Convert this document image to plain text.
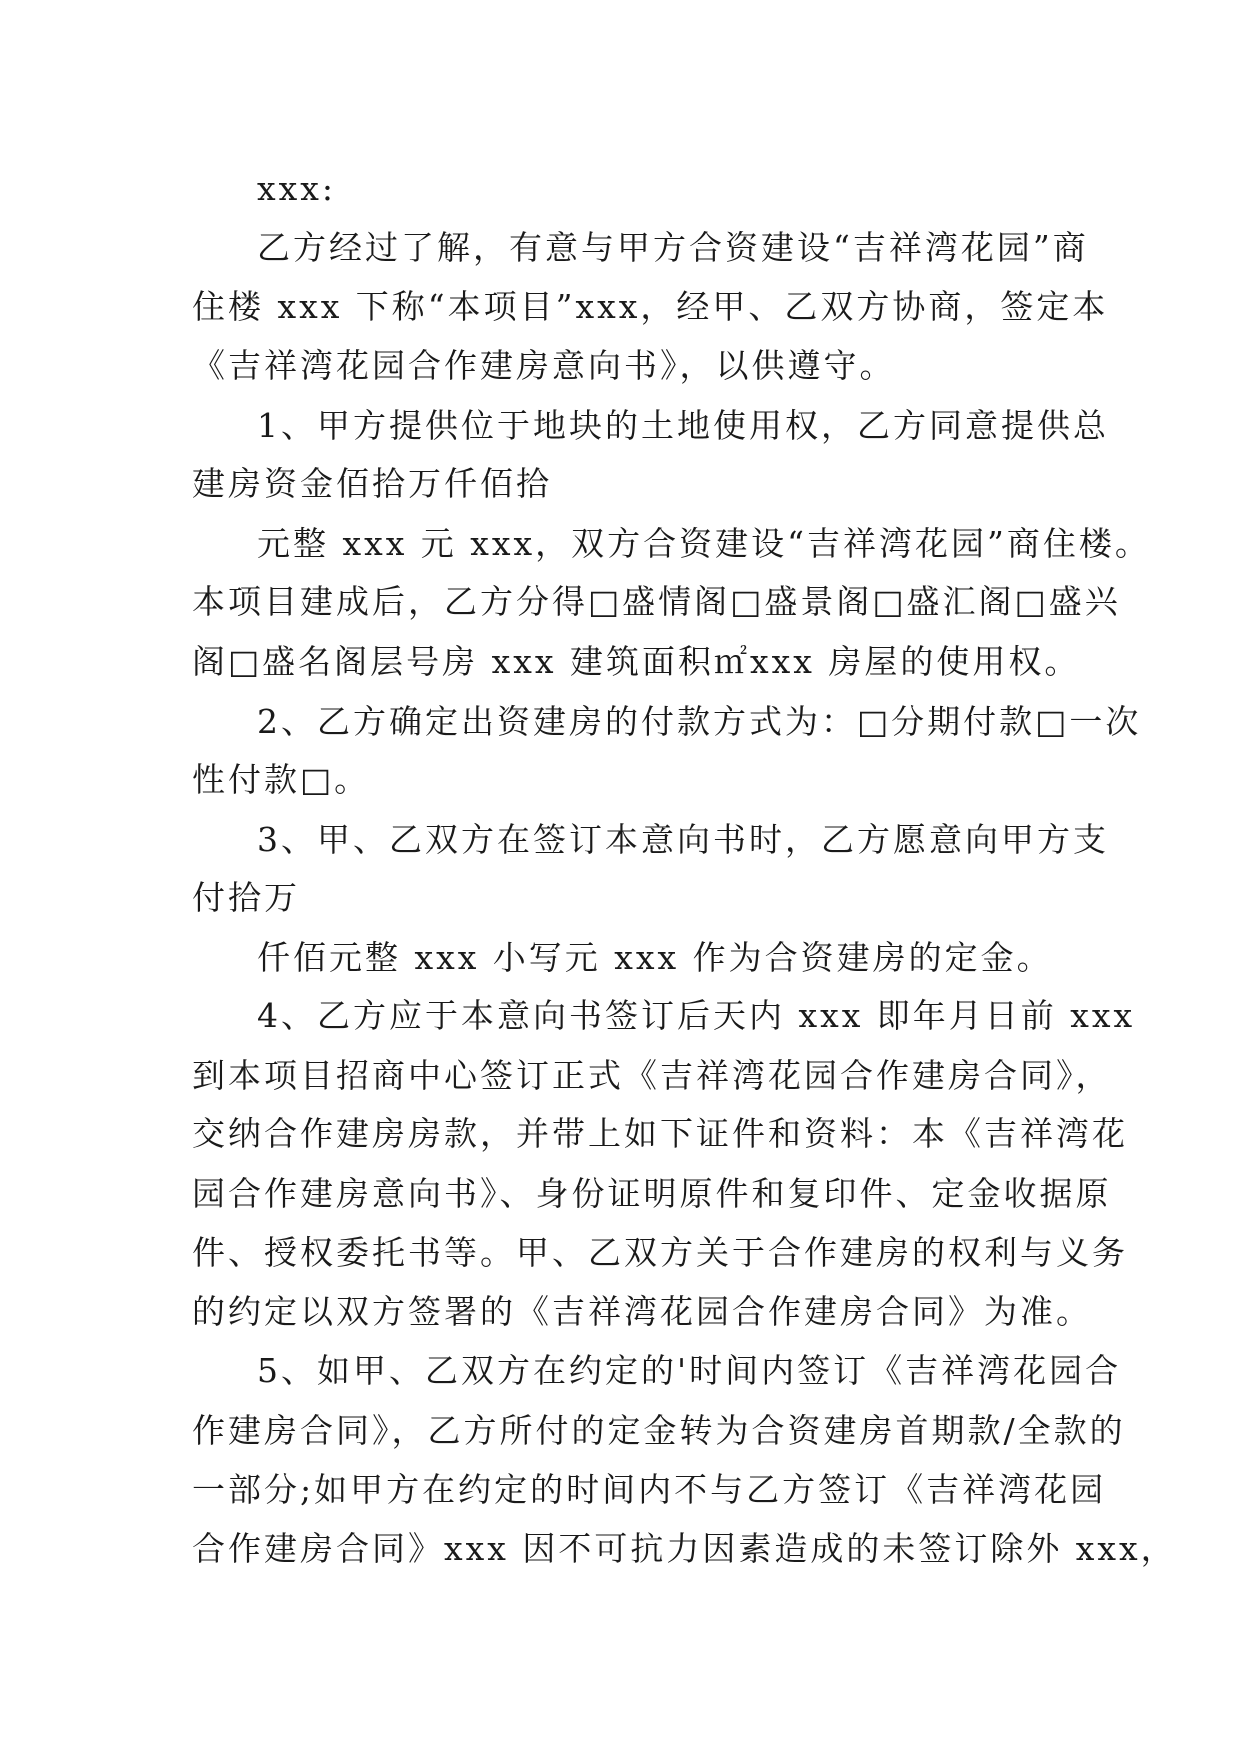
xxx:
乙方经过了解，有意与甲方合资建设“吉祥湾花园”商
住楼 xxx 下称“本项目”xxx，经甲、乙双方协商，签定本
《吉祥湾花园合作建房意向书》，以供遵守。
1、甲方提供位于地块的土地使用权，乙方同意提供总
建房资金佰拾万仟佰拾
元整 xxx 元 xxx，双方合资建设“吉祥湾花园”商住楼。
本项目建成后，乙方分得□盛情阁□盛景阁□盛汇阁□盛兴
阁□盛名阁层号房 xxx 建筑面积㎡xxx 房屋的使用权。
2、乙方确定出资建房的付款方式为：□分期付款□一次
性付款□。
3、甲、乙双方在签订本意向书时，乙方愿意向甲方支
付拾万
仟佰元整 xxx 小写元 xxx 作为合资建房的定金。
4、乙方应于本意向书签订后天内 xxx 即年月日前 xxx
到本项目招商中心签订正式《吉祥湾花园合作建房合同》，
交纳合作建房房款，并带上如下证件和资料：本《吉祥湾花
园合作建房意向书》、身份证明原件和复印件、定金收据原
件、授权委托书等。甲、乙双方关于合作建房的权利与义务
的约定以双方签署的《吉祥湾花园合作建房合同》为准。
5、如甲、乙双方在约定的'时间内签订《吉祥湾花园合
作建房合同》，乙方所付的定金转为合资建房首期款/全款的
一部分;如甲方在约定的时间内不与乙方签订《吉祥湾花园
合作建房合同》xxx 因不可抗力因素造成的未签订除外 xxx，
